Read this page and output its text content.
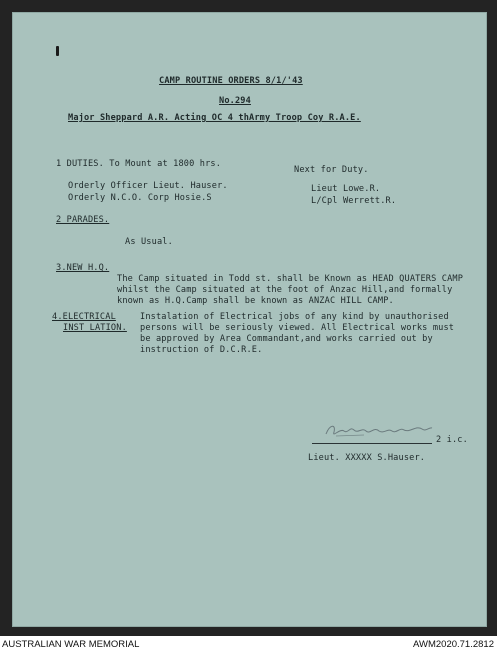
CAMP ROUTINE ORDERS 8/1/'43
No.294
Major Sheppard A.R. Acting OC 4 thArmy Troop Coy R.A.E.
1 DUTIES. To Mount at 1800 hrs.
Next for Duty.
Orderly Officer Lieut. Hauser.
Orderly N.C.O. Corp Hosie.S
Lieut Lowe.R.
L/Cpl Werrett.R.
2 PARADES.
As Usual.
3.NEW H.Q.
The Camp situated in Todd st. shall be Known as HEAD QUATERS CAMP
whilst the Camp situated at the foot of Anzac Hill,and formally
known as H.Q.Camp shall be known as ANZAC HILL CAMP.
4.ELECTRICAL
INST LATION.
Instalation of Electrical jobs of any kind by unauthorised
persons will be seriously viewed. All Electrical works must
be approved by Area Commandant,and works carried out by
instruction of D.C.R.E.
2 i.c.
Lieut. XXXXX S.Hauser.
AUSTRALIAN WAR MEMORIAL	AWM2020.71.2812
